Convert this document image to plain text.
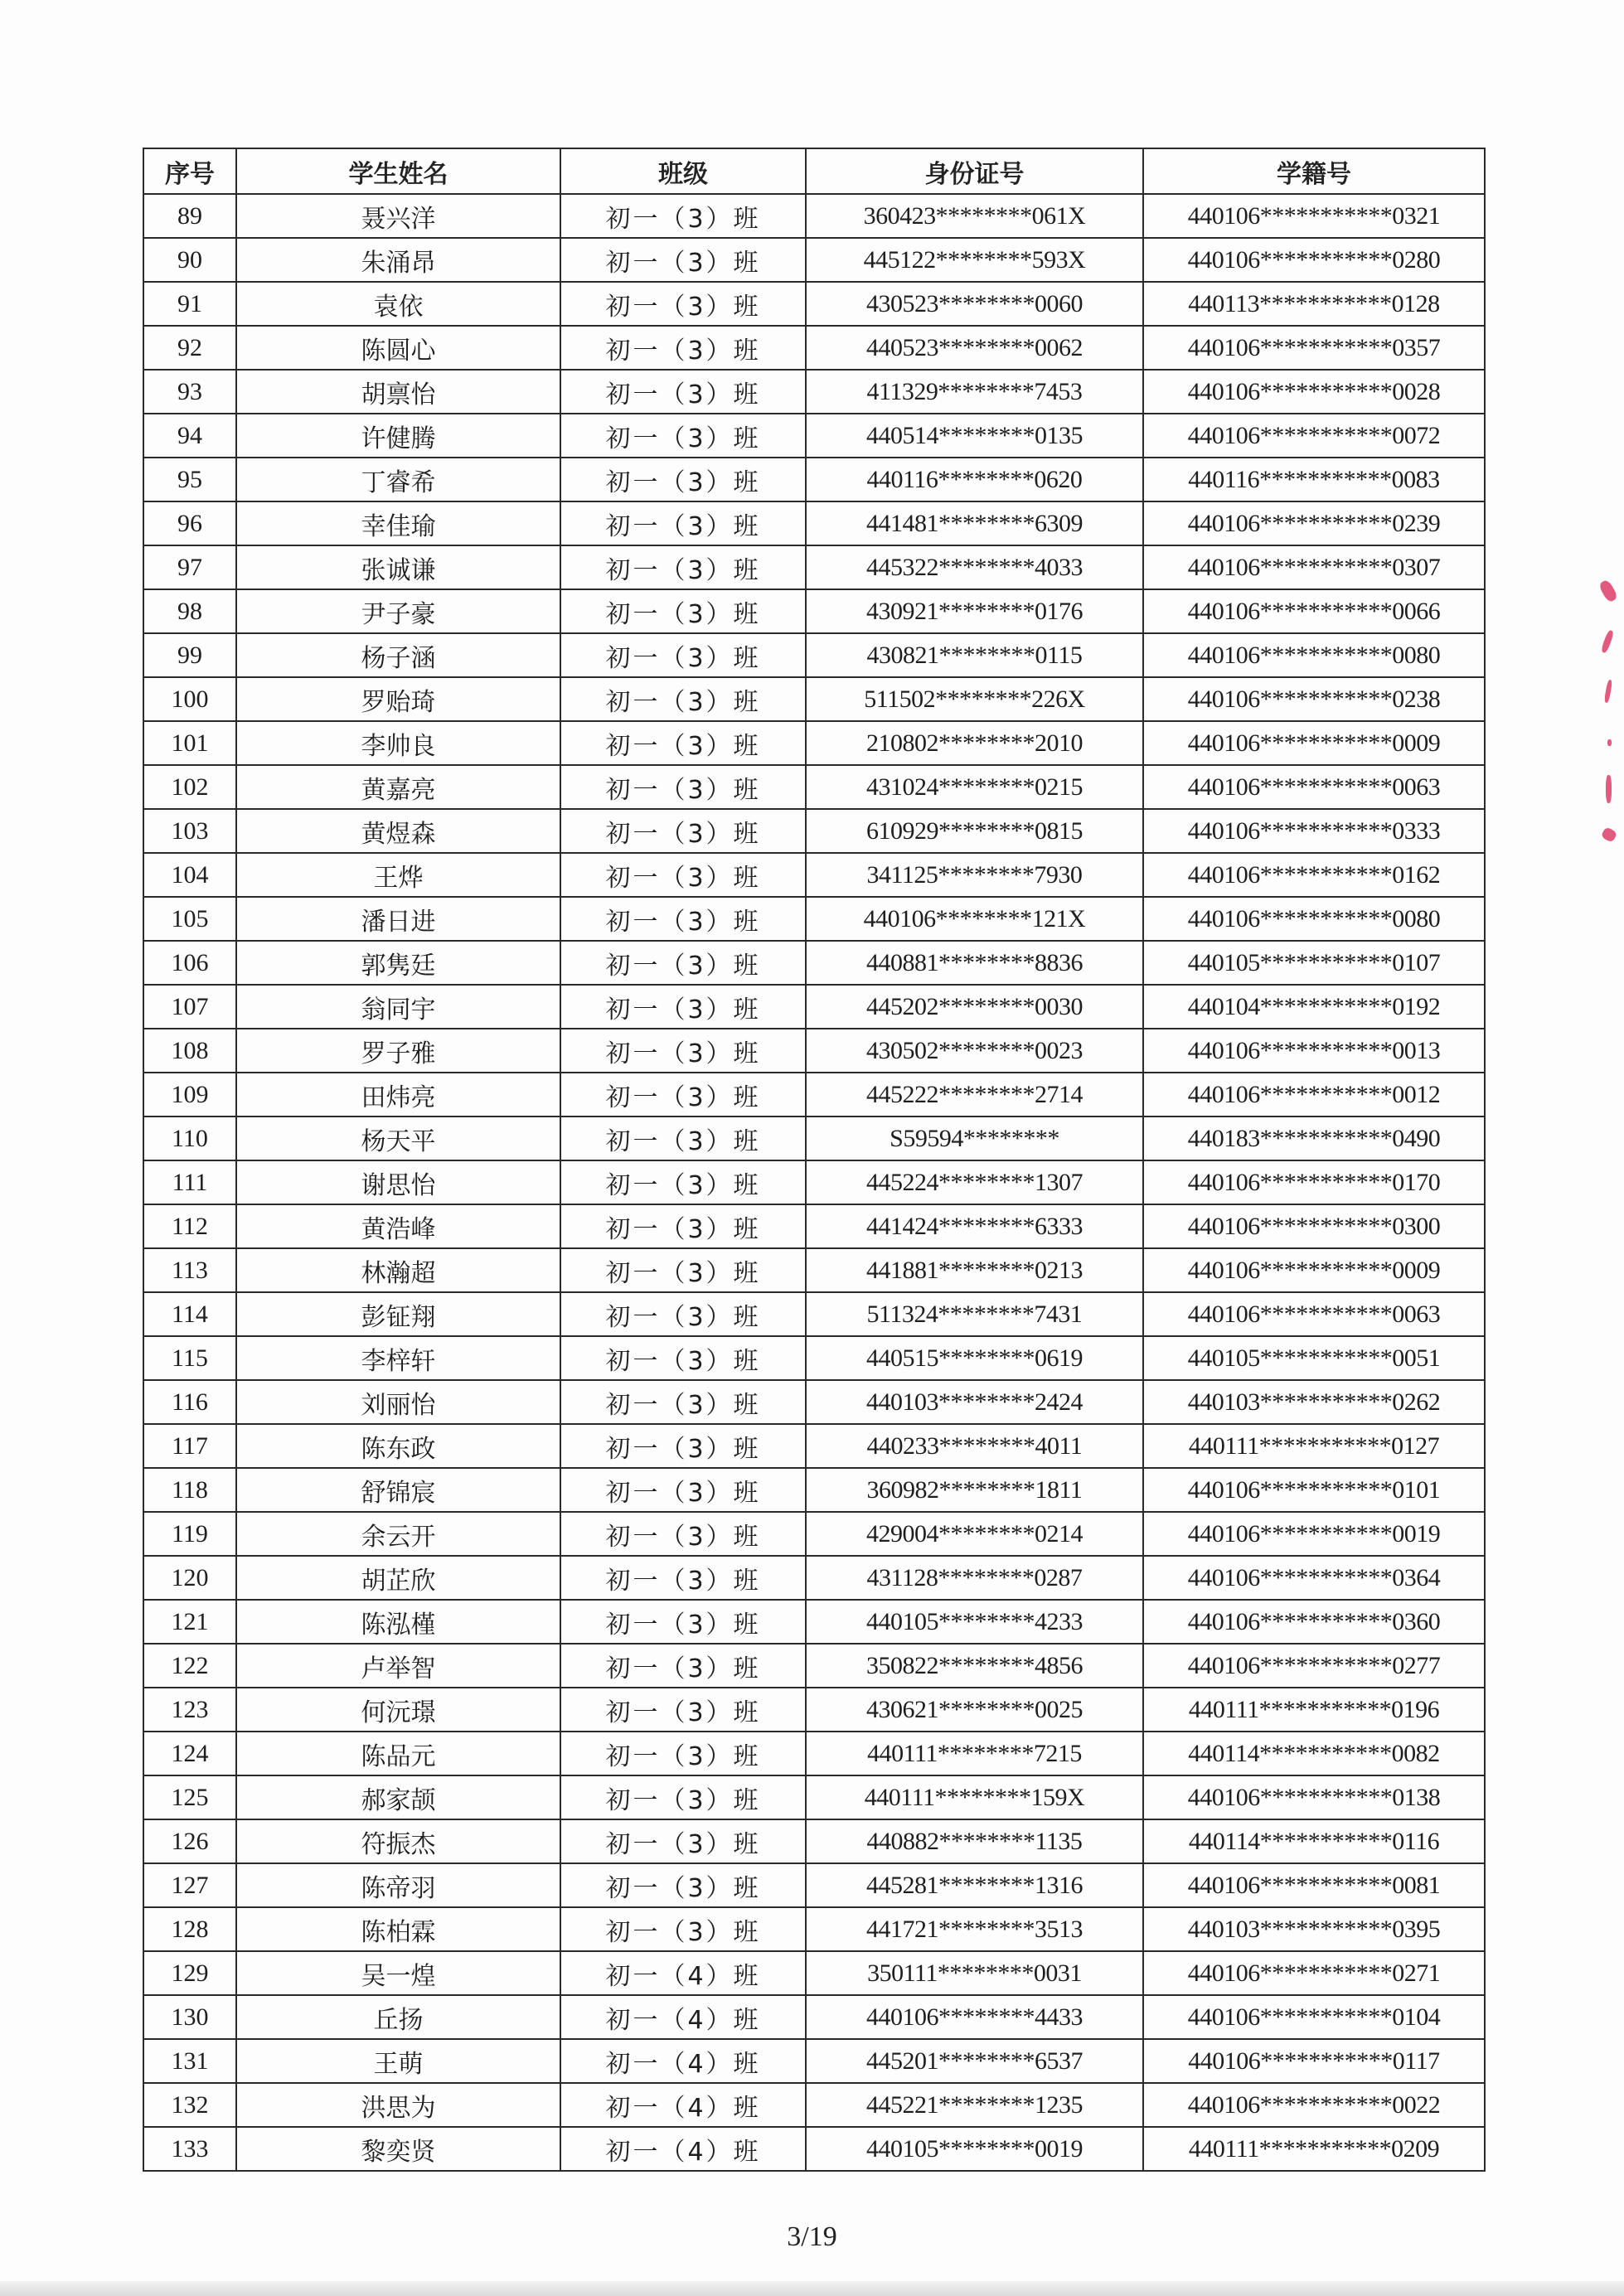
序号	学生姓名	班级	身份证号	学籍号
89	聂兴洋	初一（3）班	360423********061X	440106***********0321
90	朱涌昂	初一（3）班	445122********593X	440106***********0280
91	袁依	初一（3）班	430523********0060	440113***********0128
92	陈圆心	初一（3）班	440523********0062	440106***********0357
93	胡禀怡	初一（3）班	411329********7453	440106***********0028
94	许健腾	初一（3）班	440514********0135	440106***********0072
95	丁睿希	初一（3）班	440116********0620	440116***********0083
96	幸佳瑜	初一（3）班	441481********6309	440106***********0239
97	张诚谦	初一（3）班	445322********4033	440106***********0307
98	尹子豪	初一（3）班	430921********0176	440106***********0066
99	杨子涵	初一（3）班	430821********0115	440106***********0080
100	罗贻琦	初一（3）班	511502********226X	440106***********0238
101	李帅良	初一（3）班	210802********2010	440106***********0009
102	黄嘉亮	初一（3）班	431024********0215	440106***********0063
103	黄煜森	初一（3）班	610929********0815	440106***********0333
104	王烨	初一（3）班	341125********7930	440106***********0162
105	潘日进	初一（3）班	440106********121X	440106***********0080
106	郭隽廷	初一（3）班	440881********8836	440105***********0107
107	翁同宇	初一（3）班	445202********0030	440104***********0192
108	罗子雅	初一（3）班	430502********0023	440106***********0013
109	田炜亮	初一（3）班	445222********2714	440106***********0012
110	杨天平	初一（3）班	S59594********	440183***********0490
111	谢思怡	初一（3）班	445224********1307	440106***********0170
112	黄浩峰	初一（3）班	441424********6333	440106***********0300
113	林瀚超	初一（3）班	441881********0213	440106***********0009
114	彭钲翔	初一（3）班	511324********7431	440106***********0063
115	李梓轩	初一（3）班	440515********0619	440105***********0051
116	刘丽怡	初一（3）班	440103********2424	440103***********0262
117	陈东政	初一（3）班	440233********4011	440111***********0127
118	舒锦宸	初一（3）班	360982********1811	440106***********0101
119	余云开	初一（3）班	429004********0214	440106***********0019
120	胡芷欣	初一（3）班	431128********0287	440106***********0364
121	陈泓槿	初一（3）班	440105********4233	440106***********0360
122	卢举智	初一（3）班	350822********4856	440106***********0277
123	何沅璟	初一（3）班	430621********0025	440111***********0196
124	陈品元	初一（3）班	440111********7215	440114***********0082
125	郝家颉	初一（3）班	440111********159X	440106***********0138
126	符振杰	初一（3）班	440882********1135	440114***********0116
127	陈帝羽	初一（3）班	445281********1316	440106***********0081
128	陈柏霖	初一（3）班	441721********3513	440103***********0395
129	吴一煌	初一（4）班	350111********0031	440106***********0271
130	丘扬	初一（4）班	440106********4433	440106***********0104
131	王萌	初一（4）班	445201********6537	440106***********0117
132	洪思为	初一（4）班	445221********1235	440106***********0022
133	黎奕贤	初一（4）班	440105********0019	440111***********0209
3/19
